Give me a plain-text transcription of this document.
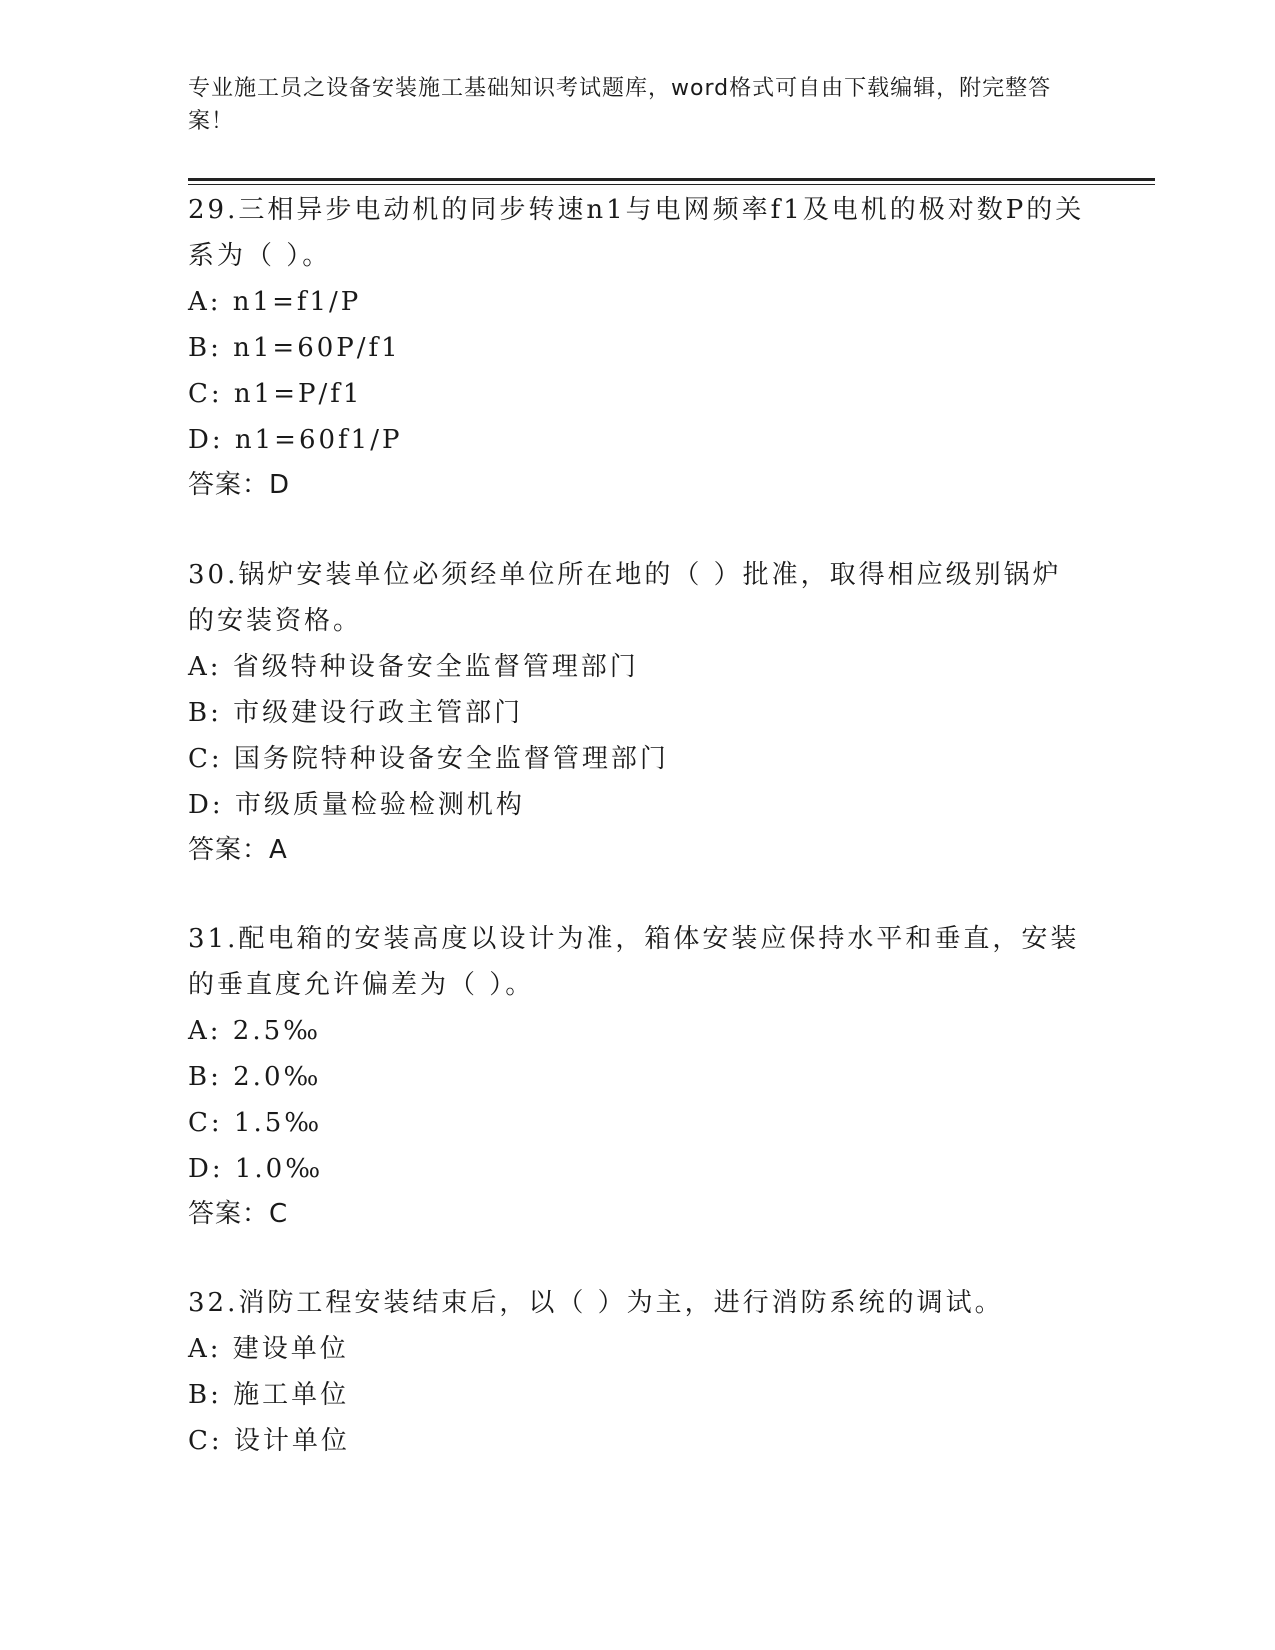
专业施工员之设备安装施工基础知识考试题库，word格式可自由下载编辑，附完整答案！

29.三相异步电动机的同步转速n1与电网频率f1及电机的极对数P的关系为（ ）。

A: n1=f1/P

B: n1=60P/f1

C: n1=P/f1

D: n1=60f1/P

答案：D

30.锅炉安装单位必须经单位所在地的（ ）批准，取得相应级别锅炉的安装资格。

A: 省级特种设备安全监督管理部门

B: 市级建设行政主管部门

C: 国务院特种设备安全监督管理部门

D: 市级质量检验检测机构

答案：A

31.配电箱的安装高度以设计为准，箱体安装应保持水平和垂直，安装的垂直度允许偏差为（ ）。

A: 2.5‰

B: 2.0‰

C: 1.5‰

D: 1.0‰

答案：C

32.消防工程安装结束后，以（ ）为主，进行消防系统的调试。

A: 建设单位

B: 施工单位

C: 设计单位
